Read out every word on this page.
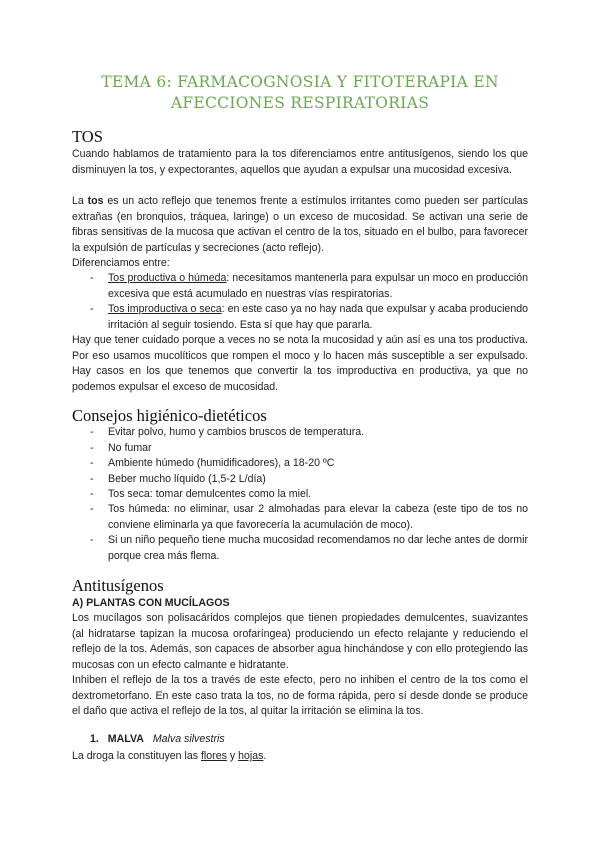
TEMA 6: FARMACOGNOSIA Y FITOTERAPIA EN
AFECCIONES RESPIRATORIAS
TOS

Cuando hablamos de tratamiento para la tos diferenciamos entre antitusígenos, siendo los que disminuyen la tos, y expectorantes, aquellos que ayudan a expulsar una mucosidad excesiva.

La tos es un acto reflejo que tenemos frente a estímulos irritantes como pueden ser partículas extrañas (en bronquios, tráquea, laringe) o un exceso de mucosidad. Se activan una serie de fibras sensitivas de la mucosa que activan el centro de la tos, situado en el bulbo, para favorecer la expulsión de partículas y secreciones (acto reflejo).

Diferenciamos entre:

- Tos productiva o húmeda: necesitamos mantenerla para expulsar un moco en producción excesiva que está acumulado en nuestras vías respiratorias.
- Tos improductiva o seca: en este caso ya no hay nada que expulsar y acaba produciendo irritación al seguir tosiendo. Esta sí que hay que pararla.

Hay que tener cuidado porque a veces no se nota la mucosidad y aún así es una tos productiva. Por eso usamos mucolíticos que rompen el moco y lo hacen más susceptible a ser expulsado. Hay casos en los que tenemos que convertir la tos improductiva en productiva, ya que no podemos expulsar el exceso de mucosidad.

Consejos higiénico-dietéticos
- Evitar polvo, humo y cambios bruscos de temperatura.
- No fumar
- Ambiente húmedo (humidificadores), a 18-20 ºC
- Beber mucho líquido (1,5-2 L/día)
- Tos seca: tomar demulcentes como la miel.
- Tos húmeda: no eliminar, usar 2 almohadas para elevar la cabeza (este tipo de tos no conviene eliminarla ya que favorecería la acumulación de moco).
- Si un niño pequeño tiene mucha mucosidad recomendamos no dar leche antes de dormir porque crea más flema.
Antitusígenos
A) PLANTAS CON MUCÍLAGOS

Los mucílagos son polisacáridos complejos que tienen propiedades demulcentes, suavizantes (al hidratarse tapizan la mucosa orofaríngea) produciendo un efecto relajante y reduciendo el reflejo de la tos. Además, son capaces de absorber agua hinchándose y con ello protegiendo las mucosas con un efecto calmante e hidratante.

Inhiben el reflejo de la tos a través de este efecto, pero no inhiben el centro de la tos como el dextrometorfano. En este caso trata la tos, no de forma rápida, pero sí desde donde se produce el daño que activa el reflejo de la tos, al quitar la irritación se elimina la tos.

1. MALVA Malva silvestris

La droga la constituyen las flores y hojas.
